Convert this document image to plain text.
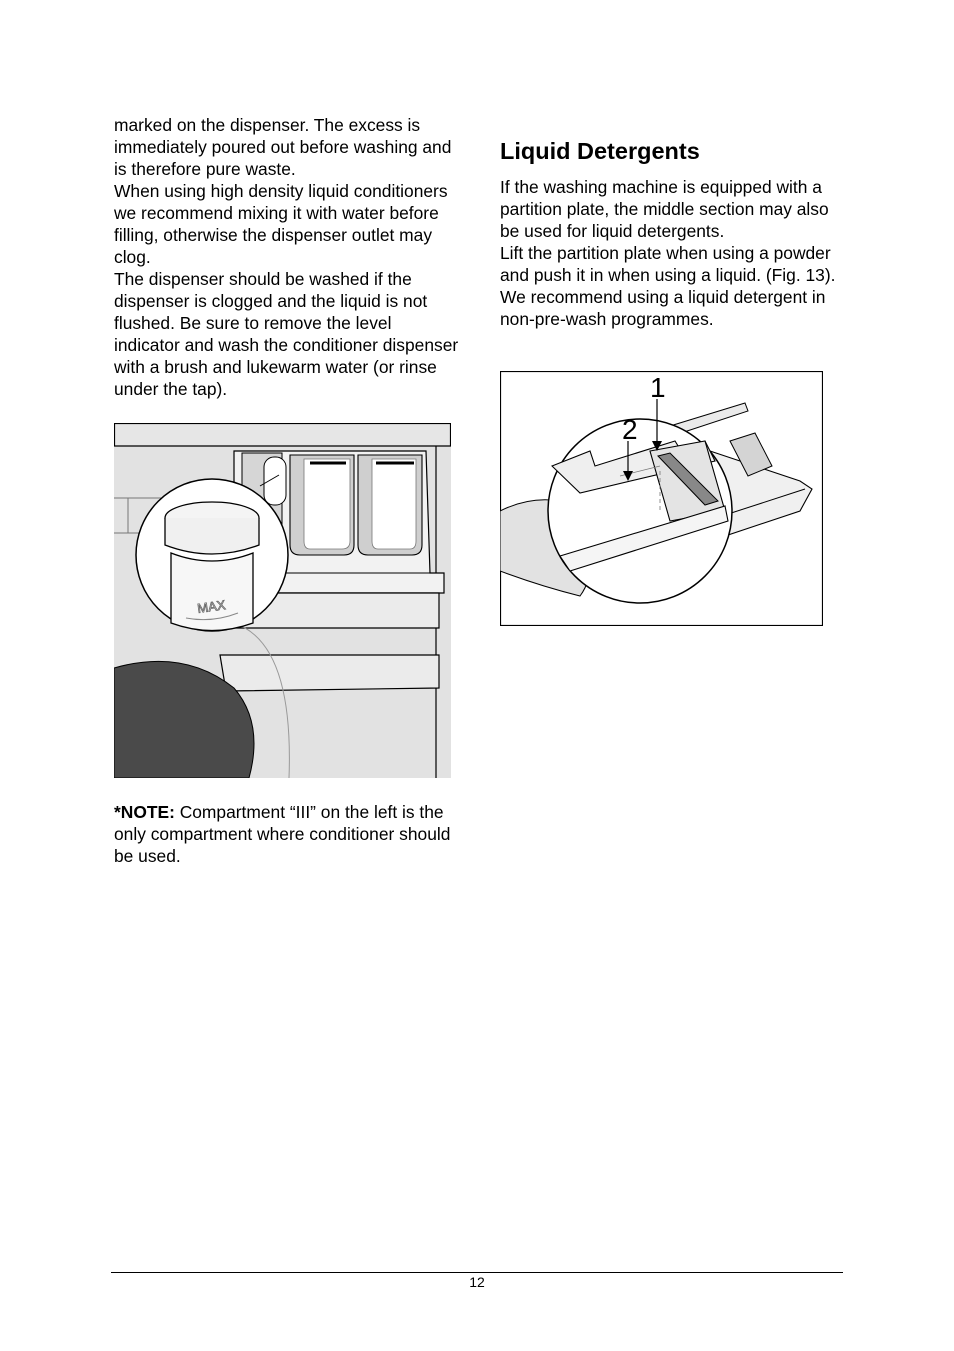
marked on the dispenser. The excess is immediately poured out before washing and is therefore pure waste.

When using high density liquid conditioners we recommend mixing it with water before filling, otherwise the dispenser outlet may clog.

The dispenser should be washed if the dispenser is clogged and the liquid is not flushed. Be sure to remove the level indicator and wash the conditioner dispenser with a brush and lukewarm water (or rinse under the tap).

MAX

*NOTE: Compartment “III” on the left is the only compartment where conditioner should be used.

Liquid Detergents

If the washing machine is equipped with a partition plate, the middle section may also be used for liquid detergents.

Lift the partition plate when using a powder and push it in when using a liquid. (Fig. 13).

We recommend using a liquid detergent in non-pre-wash programmes.

1
2
12
